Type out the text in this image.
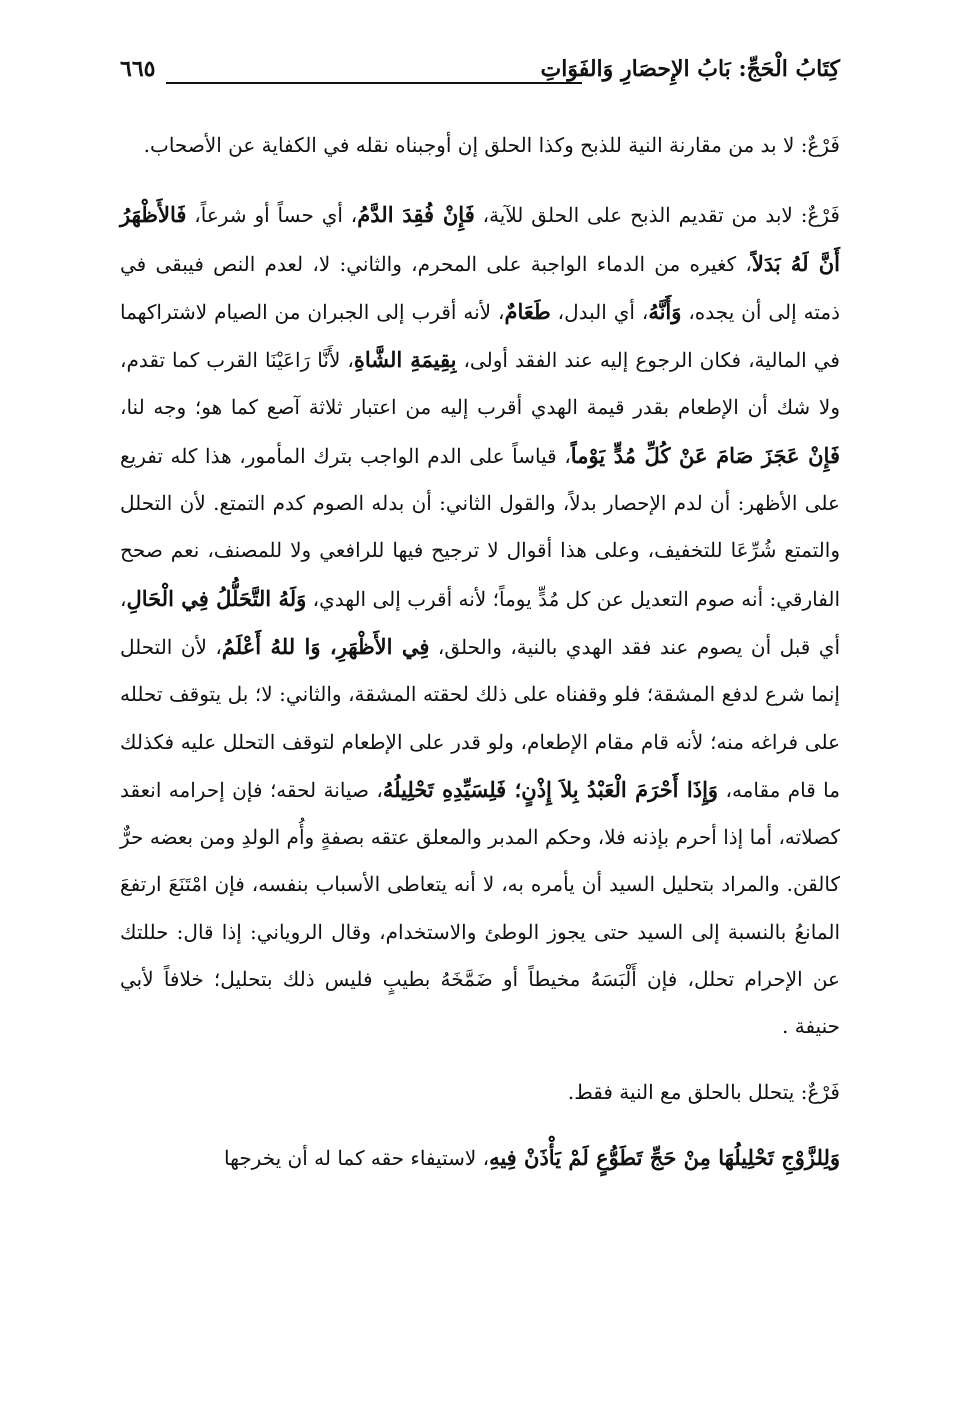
كِتَابُ الْحَجِّ: بَابُ الإِحصَارِ وَالفَوَاتِ
٦٦٥

فَرْعٌ: لا بد من مقارنة النية للذبح وكذا الحلق إن أوجبناه نقله في الكفاية عن الأصحاب.

فَرْعٌ: لابد من تقديم الذبح على الحلق للآية، فَإِنْ فُقِدَ الدَّمُ، أي حساً أو شرعاً، فَالأَظْهَرُ أَنَّ لَهُ بَدَلاً، كغيره من الدماء الواجبة على المحرم، والثاني: لا، لعدم النص فيبقى في ذمته إلى أن يجده، وَأَنَّهُ، أي البدل، طَعَامٌ، لأنه أقرب إلى الجبران من الصيام لاشتراكهما في المالية، فكان الرجوع إليه عند الفقد أولى، بِقِيمَةِ الشَّاةِ، لأَنَّا رَاعَيْنَا القرب كما تقدم، ولا شك أن الإطعام بقدر قيمة الهدي أقرب إليه من اعتبار ثلاثة آصع كما هو؛ وجه لنا، فَإِنْ عَجَزَ صَامَ عَنْ كُلِّ مُدٍّ يَوْماً، قياساً على الدم الواجب بترك المأمور، هذا كله تفريع على الأظهر: أن لدم الإحصار بدلاً، والقول الثاني: أن بدله الصوم كدم التمتع. لأن التحلل والتمتع شُرِّعَا للتخفيف، وعلى هذا أقوال لا ترجيح فيها للرافعي ولا للمصنف، نعم صحح الفارقي: أنه صوم التعديل عن كل مُدٍّ يوماً؛ لأنه أقرب إلى الهدي، وَلَهُ التَّحَلُّلُ فِي الْحَالِ، أي قبل أن يصوم عند فقد الهدي بالنية، والحلق، فِي الأَظْهَرِ، وَا للهُ أَعْلَمُ، لأن التحلل إنما شرع لدفع المشقة؛ فلو وقفناه على ذلك لحقته المشقة، والثاني: لا؛ بل يتوقف تحلله على فراغه منه؛ لأنه قام مقام الإطعام، ولو قدر على الإطعام لتوقف التحلل عليه فكذلك ما قام مقامه، وَإِذَا أَحْرَمَ الْعَبْدُ بِلاَ إِذْنٍ؛ فَلِسَيِّدِهِ تَحْلِيلُهُ، صيانة لحقه؛ فإن إحرامه انعقد كصلاته، أما إذا أحرم بإذنه فلا، وحكم المدبر والمعلق عتقه بصفةٍ وأُم الولدِ ومن بعضه حرٌّ كالقن. والمراد بتحليل السيد أن يأمره به، لا أنه يتعاطى الأسباب بنفسه، فإن امْتَنَعَ ارتفعَ المانعُ بالنسبة إلى السيد حتى يجوز الوطئ والاستخدام، وقال الروياني: إذا قال: حللتك عن الإحرام تحلل، فإن أَلْبَسَهُ مخيطاً أو ضَمَّخَهُ بطيبٍ فليس ذلك بتحليل؛ خلافاً لأبي حنيفة .

فَرْعٌ: يتحلل بالحلق مع النية فقط.

وَلِلزَّوْجِ تَحْلِيلُهَا مِنْ حَجِّ تَطَوُّعٍ لَمْ يَأْذَنْ فِيهِ، لاستيفاء حقه كما له أن يخرجها
